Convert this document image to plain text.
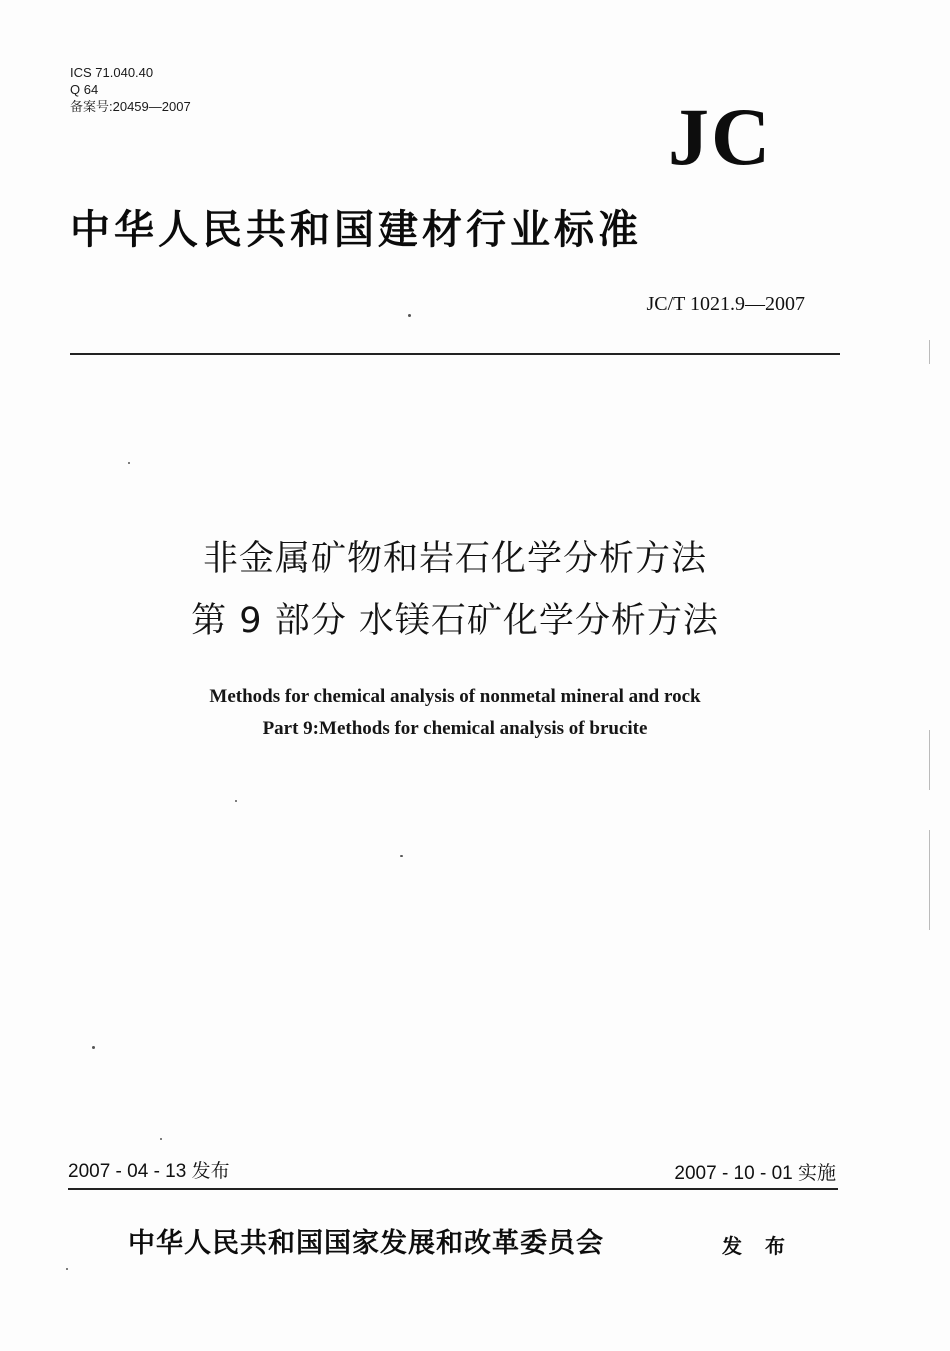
ICS 71.040.40
Q 64
备案号:20459—2007	JC
中华人民共和国建材行业标准
JC/T 1021.9—2007
非金属矿物和岩石化学分析方法
第 9 部分 水镁石矿化学分析方法
Methods for chemical analysis of nonmetal mineral and rock
Part 9:Methods for chemical analysis of brucite
2007 - 04 - 13 发布	2007 - 10 - 01 实施
中华人民共和国国家发展和改革委员会	发 布
